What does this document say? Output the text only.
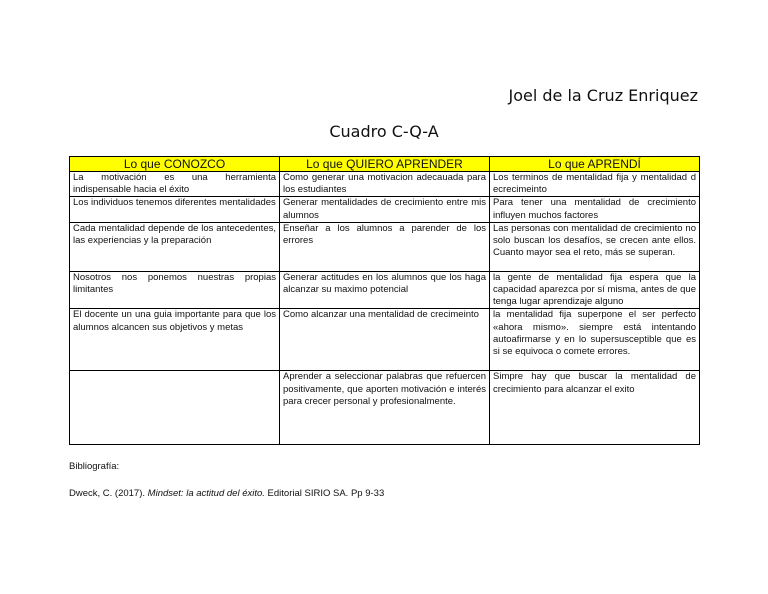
Joel de la Cruz Enriquez
Cuadro C-Q-A
Lo que CONOZCO	Lo que QUIERO APRENDER	Lo que APRENDÍ
La motivación es una herramienta indispensable hacia el éxito	Como generar una motivacion adecauada para los estudiantes	Los terminos de mentalidad fija y mentalidad d ecrecimeinto
Los individuos tenemos diferentes mentalidades	Generar mentalidades de crecimiento entre mis alumnos	Para tener una mentalidad de crecimiento influyen muchos factores
Cada mentalidad depende de los antecedentes, las experiencias y la preparación	Enseñar a los alumnos a parender de los errores	Las personas con mentalidad de crecimiento no solo buscan los desafíos, se crecen ante ellos. Cuanto mayor sea el reto, más se superan.
Nosotros nos ponemos nuestras propias limitantes	Generar actitudes en los alumnos que los haga alcanzar su maximo potencial	la gente de mentalidad fija espera que la capacidad aparezca por sí misma, antes de que tenga lugar aprendizaje alguno
El docente un una guia importante para que los alumnos alcancen sus objetivos y metas	Como alcanzar una mentalidad de crecimeinto	la mentalidad fija superpone el ser perfecto «ahora mismo». siempre está intentando autoafirmarse y en lo supersusceptible que es si se equivoca o comete errores.
	Aprender a seleccionar palabras que refuercen positivamente, que aporten motivación e interés para crecer personal y profesionalmente.	Simpre hay que buscar la mentalidad de crecimiento para alcanzar el exito
Bibliografía:
Dweck, C. (2017). Mindset: la actitud del éxito. Editorial SIRIO SA. Pp 9-33
